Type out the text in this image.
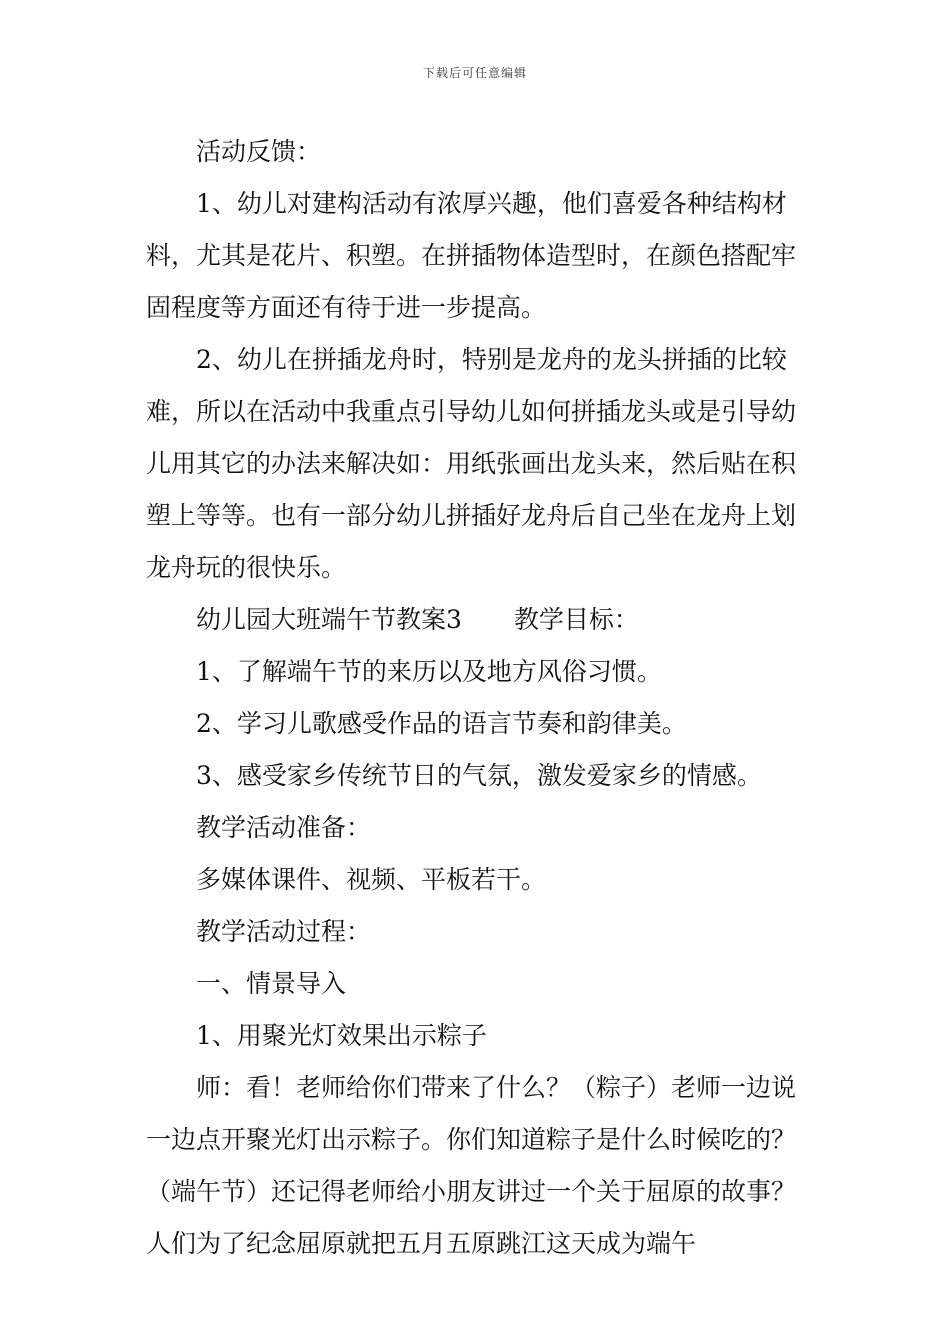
下载后可任意编辑

活动反馈：

1、幼儿对建构活动有浓厚兴趣，他们喜爱各种结构材料，尤其是花片、积塑。在拼插物体造型时，在颜色搭配牢固程度等方面还有待于进一步提高。

2、幼儿在拼插龙舟时，特别是龙舟的龙头拼插的比较难，所以在活动中我重点引导幼儿如何拼插龙头或是引导幼儿用其它的办法来解决如：用纸张画出龙头来，然后贴在积塑上等等。也有一部分幼儿拼插好龙舟后自己坐在龙舟上划龙舟玩的很快乐。

幼儿园大班端午节教案3 教学目标：

1、了解端午节的来历以及地方风俗习惯。

2、学习儿歌感受作品的语言节奏和韵律美。

3、感受家乡传统节日的气氛，激发爱家乡的情感。

教学活动准备：

多媒体课件、视频、平板若干。

教学活动过程：

一、情景导入

1、用聚光灯效果出示粽子

师：看！老师给你们带来了什么？（粽子）老师一边说一边点开聚光灯出示粽子。你们知道粽子是什么时候吃的？（端午节）还记得老师给小朋友讲过一个关于屈原的故事？人们为了纪念屈原就把五月五原跳江这天成为端午
